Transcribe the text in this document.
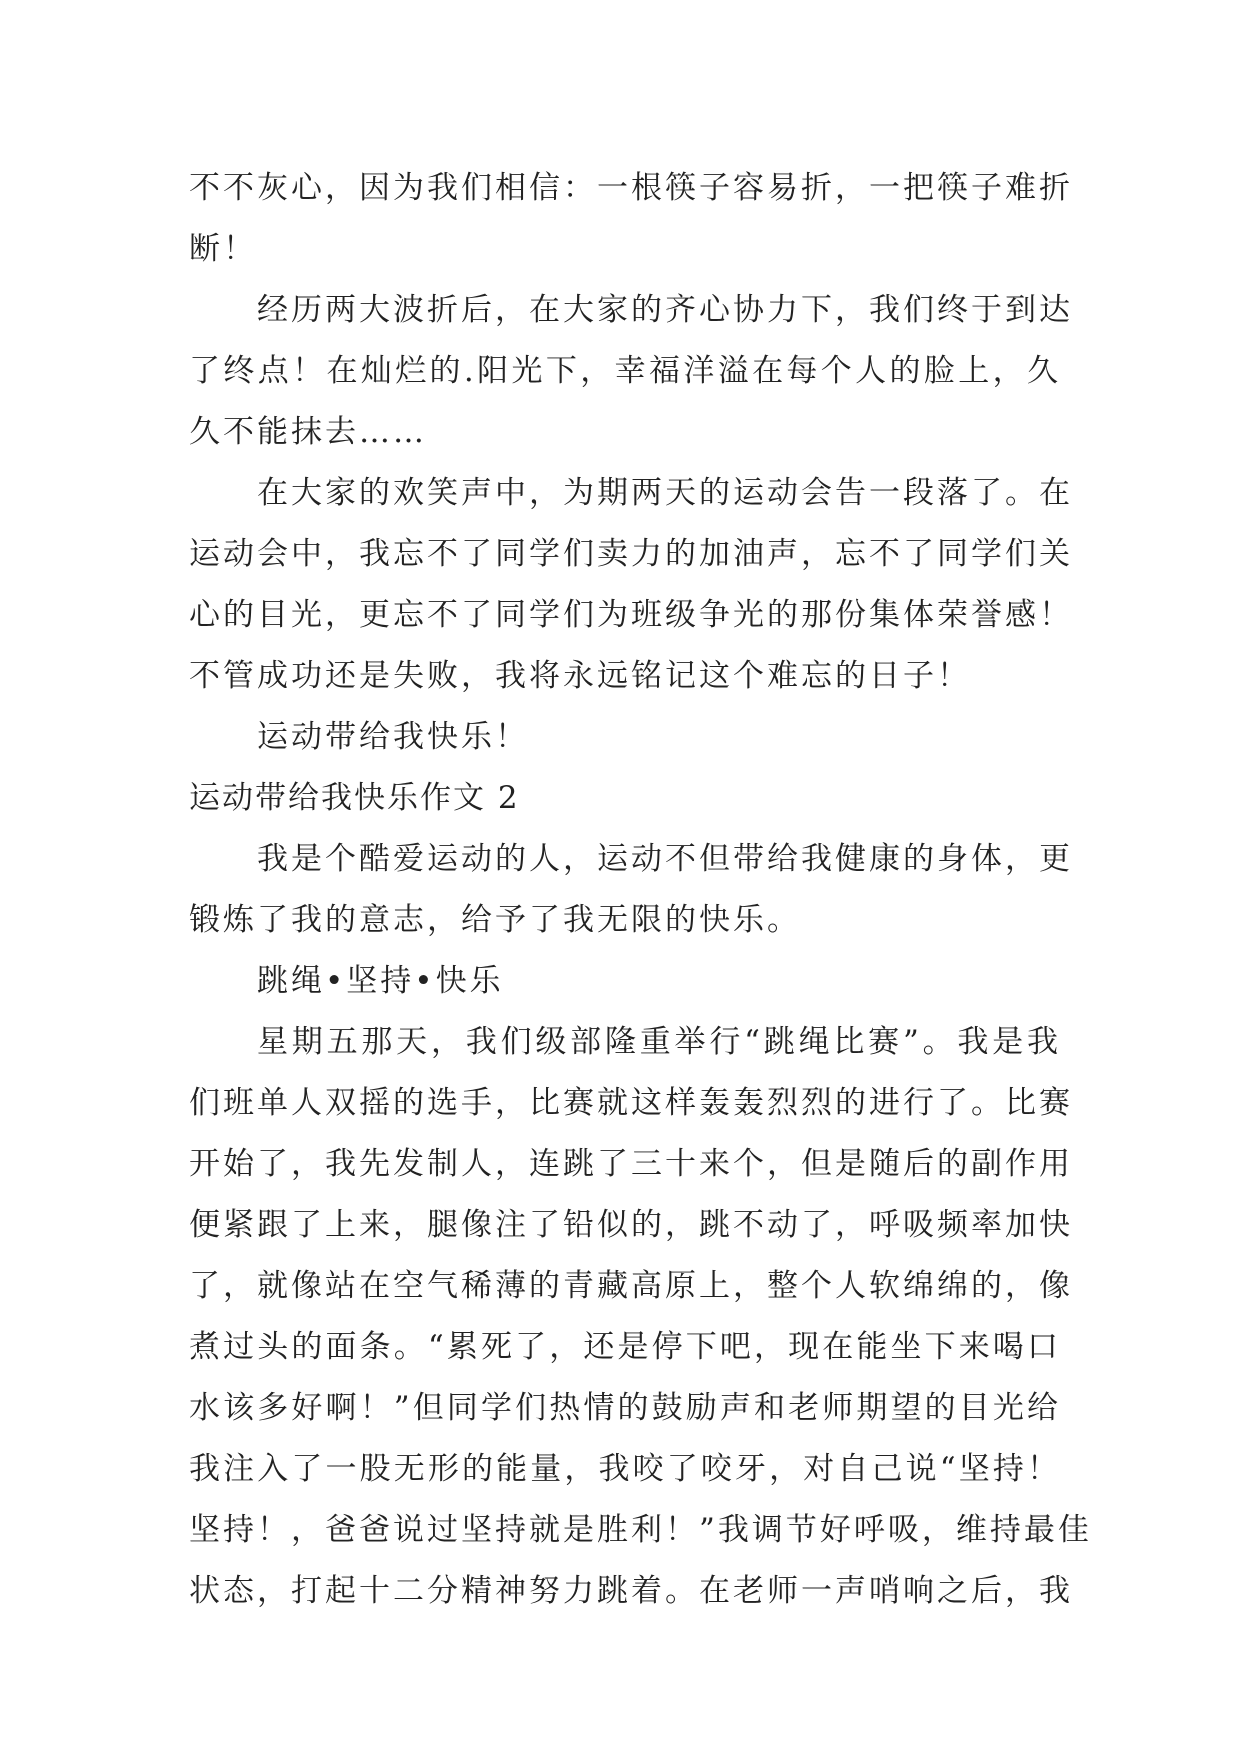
不不灰心，因为我们相信：一根筷子容易折，一把筷子难折
断！

经历两大波折后，在大家的齐心协力下，我们终于到达
了终点！在灿烂的.阳光下，幸福洋溢在每个人的脸上，久
久不能抹去……

在大家的欢笑声中，为期两天的运动会告一段落了。在
运动会中，我忘不了同学们卖力的加油声，忘不了同学们关
心的目光，更忘不了同学们为班级争光的那份集体荣誉感！
不管成功还是失败，我将永远铭记这个难忘的日子！

运动带给我快乐！

运动带给我快乐作文 2

我是个酷爱运动的人，运动不但带给我健康的身体，更
锻炼了我的意志，给予了我无限的快乐。

跳绳•坚持•快乐

星期五那天，我们级部隆重举行“跳绳比赛”。我是我
们班单人双摇的选手，比赛就这样轰轰烈烈的进行了。比赛
开始了，我先发制人，连跳了三十来个，但是随后的副作用
便紧跟了上来，腿像注了铅似的，跳不动了，呼吸频率加快
了，就像站在空气稀薄的青藏高原上，整个人软绵绵的，像
煮过头的面条。“累死了，还是停下吧，现在能坐下来喝口
水该多好啊！”但同学们热情的鼓励声和老师期望的目光给
我注入了一股无形的能量，我咬了咬牙，对自己说“坚持！
坚持！，爸爸说过坚持就是胜利！”我调节好呼吸，维持最佳
状态，打起十二分精神努力跳着。在老师一声哨响之后，我
